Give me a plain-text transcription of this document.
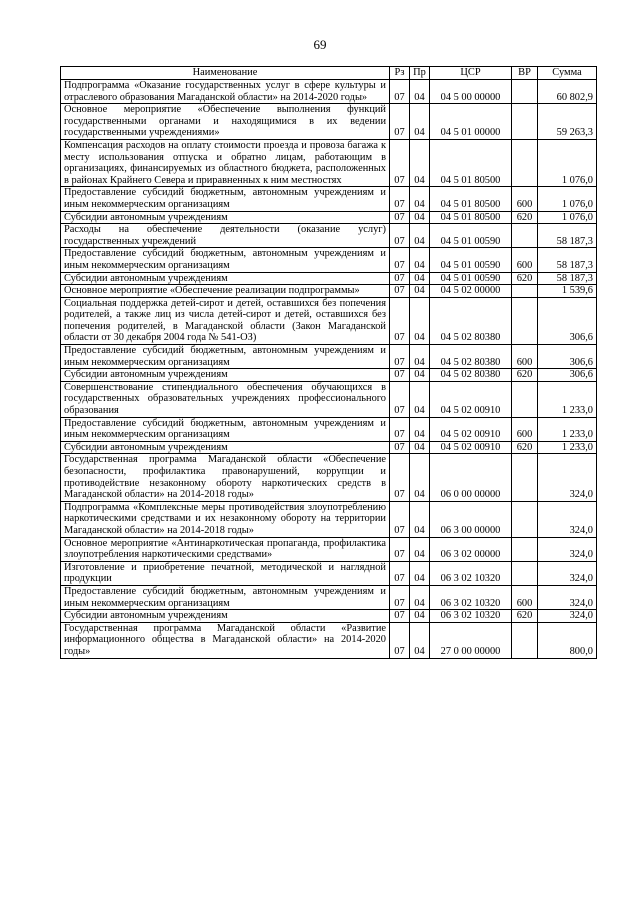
69
Наименование	Рз	Пр	ЦСР	ВР	Сумма
Подпрограмма «Оказание государственных услуг в сфере культуры и отраслевого образования Магаданской области» на 2014-2020 годы»	07	04	04 5 00 00000		60 802,9
Основное мероприятие «Обеспечение выполнения функций государственными органами и находящимися в их ведении государственными учреждениями»	07	04	04 5 01 00000		59 263,3
Компенсация расходов на оплату стоимости проезда и провоза багажа к месту использования отпуска и обратно лицам, работающим в организациях, финансируемых из областного бюджета, расположенных в районах Крайнего Севера и приравненных к ним местностях	07	04	04 5 01 80500		1 076,0
Предоставление субсидий бюджетным, автономным учреждениям и иным некоммерческим организациям	07	04	04 5 01 80500	600	1 076,0
Субсидии автономным учреждениям	07	04	04 5 01 80500	620	1 076,0
Расходы на обеспечение деятельности (оказание услуг) государственных учреждений	07	04	04 5 01 00590		58 187,3
Предоставление субсидий бюджетным, автономным учреждениям и иным некоммерческим организациям	07	04	04 5 01 00590	600	58 187,3
Субсидии автономным учреждениям	07	04	04 5 01 00590	620	58 187,3
Основное мероприятие «Обеспечение реализации подпрограммы»	07	04	04 5 02 00000		1 539,6
Социальная поддержка детей-сирот и детей, оставшихся без попечения родителей, а также лиц из числа детей-сирот и детей, оставшихся без попечения родителей, в Магаданской области (Закон Магаданской области от 30 декабря 2004 года № 541-ОЗ)	07	04	04 5 02 80380		306,6
Предоставление субсидий бюджетным, автономным учреждениям и иным некоммерческим организациям	07	04	04 5 02 80380	600	306,6
Субсидии автономным учреждениям	07	04	04 5 02 80380	620	306,6
Совершенствование стипендиального обеспечения обучающихся в государственных образовательных учреждениях профессионального образования	07	04	04 5 02 00910		1 233,0
Предоставление субсидий бюджетным, автономным учреждениям и иным некоммерческим организациям	07	04	04 5 02 00910	600	1 233,0
Субсидии автономным учреждениям	07	04	04 5 02 00910	620	1 233,0
Государственная программа Магаданской области «Обеспечение безопасности, профилактика правонарушений, коррупции и противодействие незаконному обороту наркотических средств в Магаданской области» на 2014-2018 годы»	07	04	06 0 00 00000		324,0
Подпрограмма «Комплексные меры противодействия злоупотреблению наркотическими средствами и их незаконному обороту на территории Магаданской области» на 2014-2018 годы»	07	04	06 3 00 00000		324,0
Основное мероприятие «Антинаркотическая пропаганда, профилактика злоупотребления наркотическими средствами»	07	04	06 3 02 00000		324,0
Изготовление и приобретение печатной, методической и наглядной продукции	07	04	06 3 02 10320		324,0
Предоставление субсидий бюджетным, автономным учреждениям и иным некоммерческим организациям	07	04	06 3 02 10320	600	324,0
Субсидии автономным учреждениям	07	04	06 3 02 10320	620	324,0
Государственная программа Магаданской области «Развитие информационного общества в Магаданской области» на 2014-2020 годы»	07	04	27 0 00 00000		800,0
